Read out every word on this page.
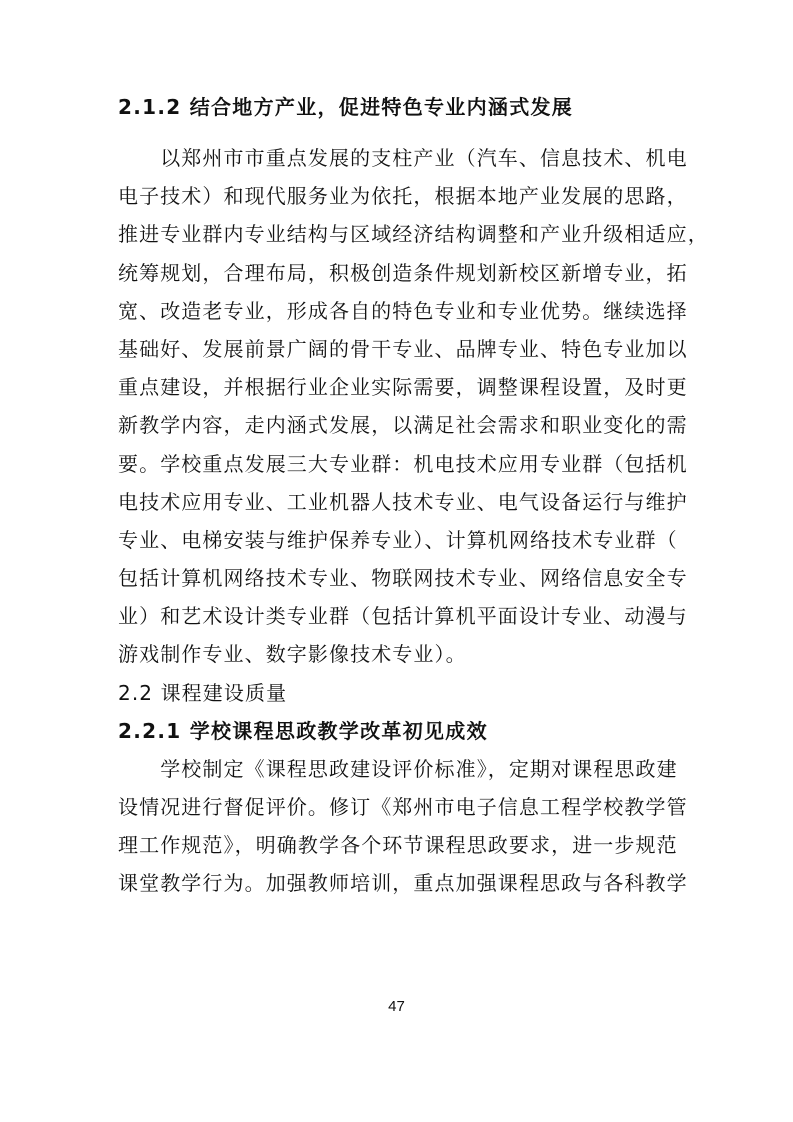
2.1.2 结合地方产业，促进特色专业内涵式发展
　　以郑州市市重点发展的支柱产业（汽车、信息技术、机电
电子技术）和现代服务业为依托，根据本地产业发展的思路，
推进专业群内专业结构与区域经济结构调整和产业升级相适应，
统筹规划，合理布局，积极创造条件规划新校区新增专业，拓
宽、改造老专业，形成各自的特色专业和专业优势。继续选择
基础好、发展前景广阔的骨干专业、品牌专业、特色专业加以
重点建设，并根据行业企业实际需要，调整课程设置，及时更
新教学内容，走内涵式发展，以满足社会需求和职业变化的需
要。学校重点发展三大专业群：机电技术应用专业群（包括机
电技术应用专业、工业机器人技术专业、电气设备运行与维护
专业、电梯安装与维护保养专业）、计算机网络技术专业群（
包括计算机网络技术专业、物联网技术专业、网络信息安全专
业）和艺术设计类专业群（包括计算机平面设计专业、动漫与
游戏制作专业、数字影像技术专业）。
2.2 课程建设质量
2.2.1 学校课程思政教学改革初见成效
　　学校制定《课程思政建设评价标准》，定期对课程思政建
设情况进行督促评价。修订《郑州市电子信息工程学校教学管
理工作规范》，明确教学各个环节课程思政要求，进一步规范
课堂教学行为。加强教师培训，重点加强课程思政与各科教学
47
